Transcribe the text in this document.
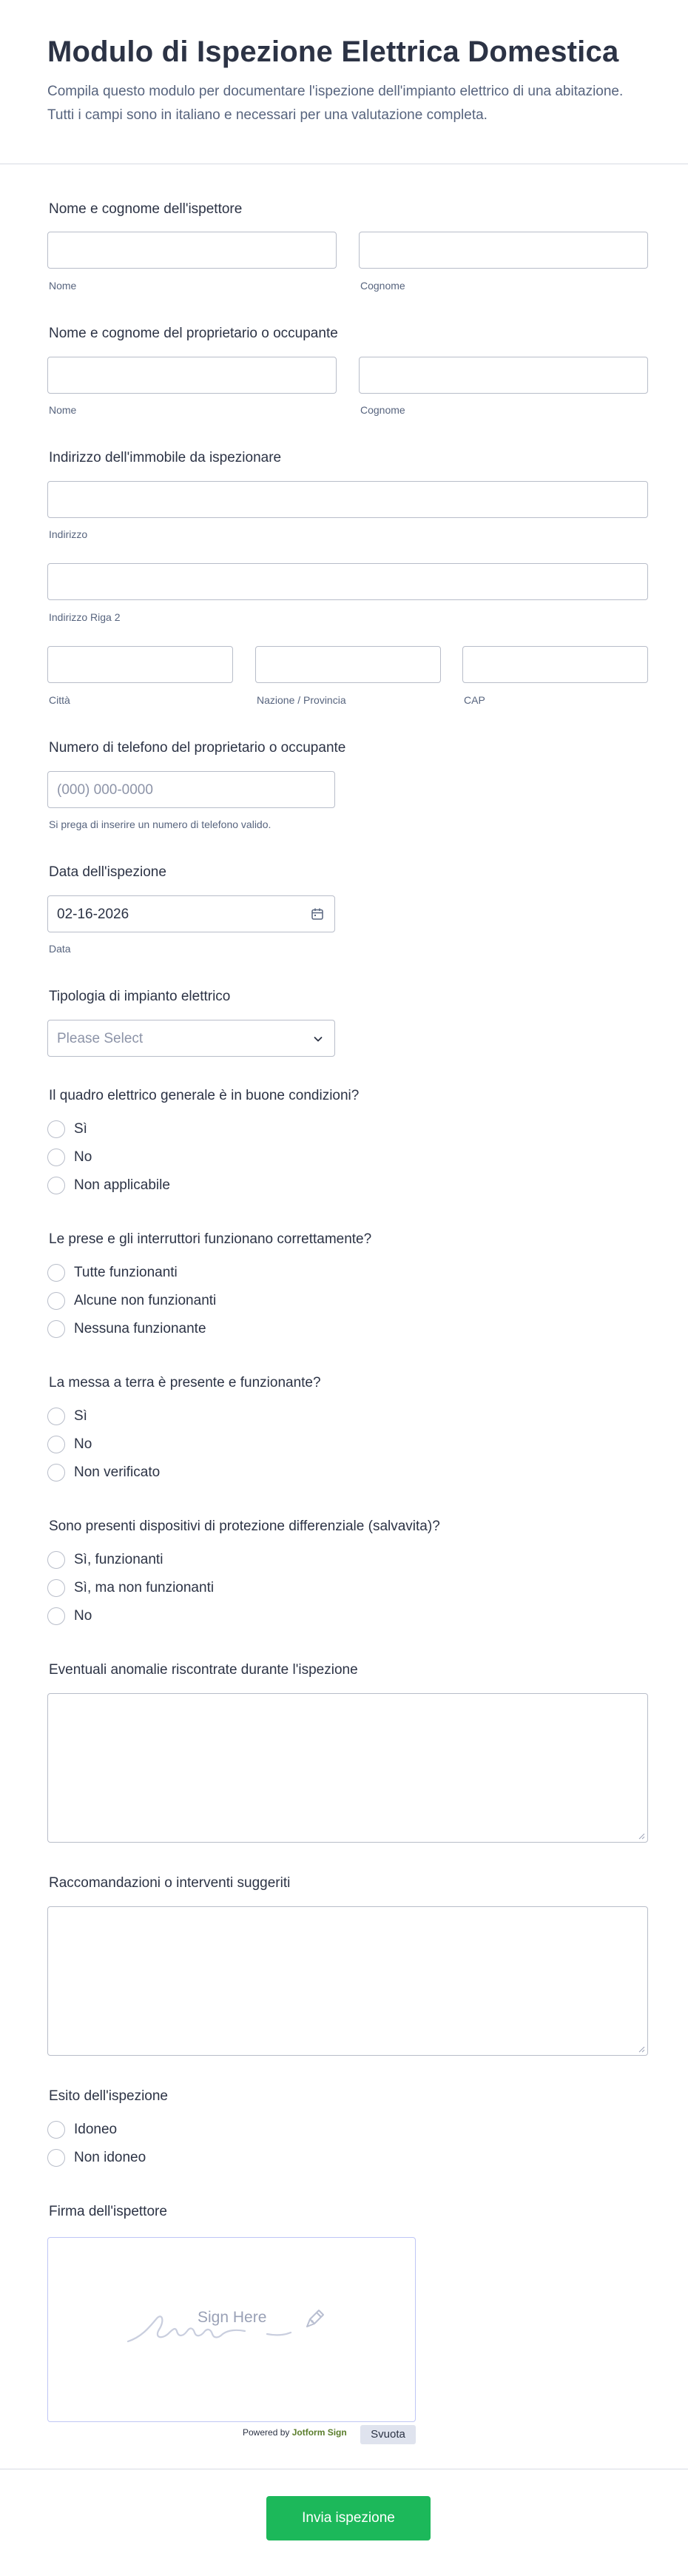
Modulo di Ispezione Elettrica Domestica

Compila questo modulo per documentare l'ispezione dell'impianto elettrico di una abitazione. Tutti i campi sono in italiano e necessari per una valutazione completa.

Nome e cognome dell'ispettore
Nome	Cognome
Nome e cognome del proprietario o occupante
Nome	Cognome
Indirizzo dell'immobile da ispezionare
Indirizzo
Indirizzo Riga 2
Città	Nazione / Provincia	CAP
Numero di telefono del proprietario o occupante
(000) 000-0000
Si prega di inserire un numero di telefono valido.
Data dell'ispezione
02-16-2026
Data
Tipologia di impianto elettrico
Please Select
Il quadro elettrico generale è in buone condizioni?
Sì
No
Non applicabile
Le prese e gli interruttori funzionano correttamente?
Tutte funzionanti
Alcune non funzionanti
Nessuna funzionante
La messa a terra è presente e funzionante?
Sì
No
Non verificato
Sono presenti dispositivi di protezione differenziale (salvavita)?
Sì, funzionanti
Sì, ma non funzionanti
No
Eventuali anomalie riscontrate durante l'ispezione
Raccomandazioni o interventi suggeriti
Esito dell'ispezione
Idoneo
Non idoneo
Firma dell'ispettore
Sign Here
Powered by Jotform Sign	Svuota
Invia ispezione
